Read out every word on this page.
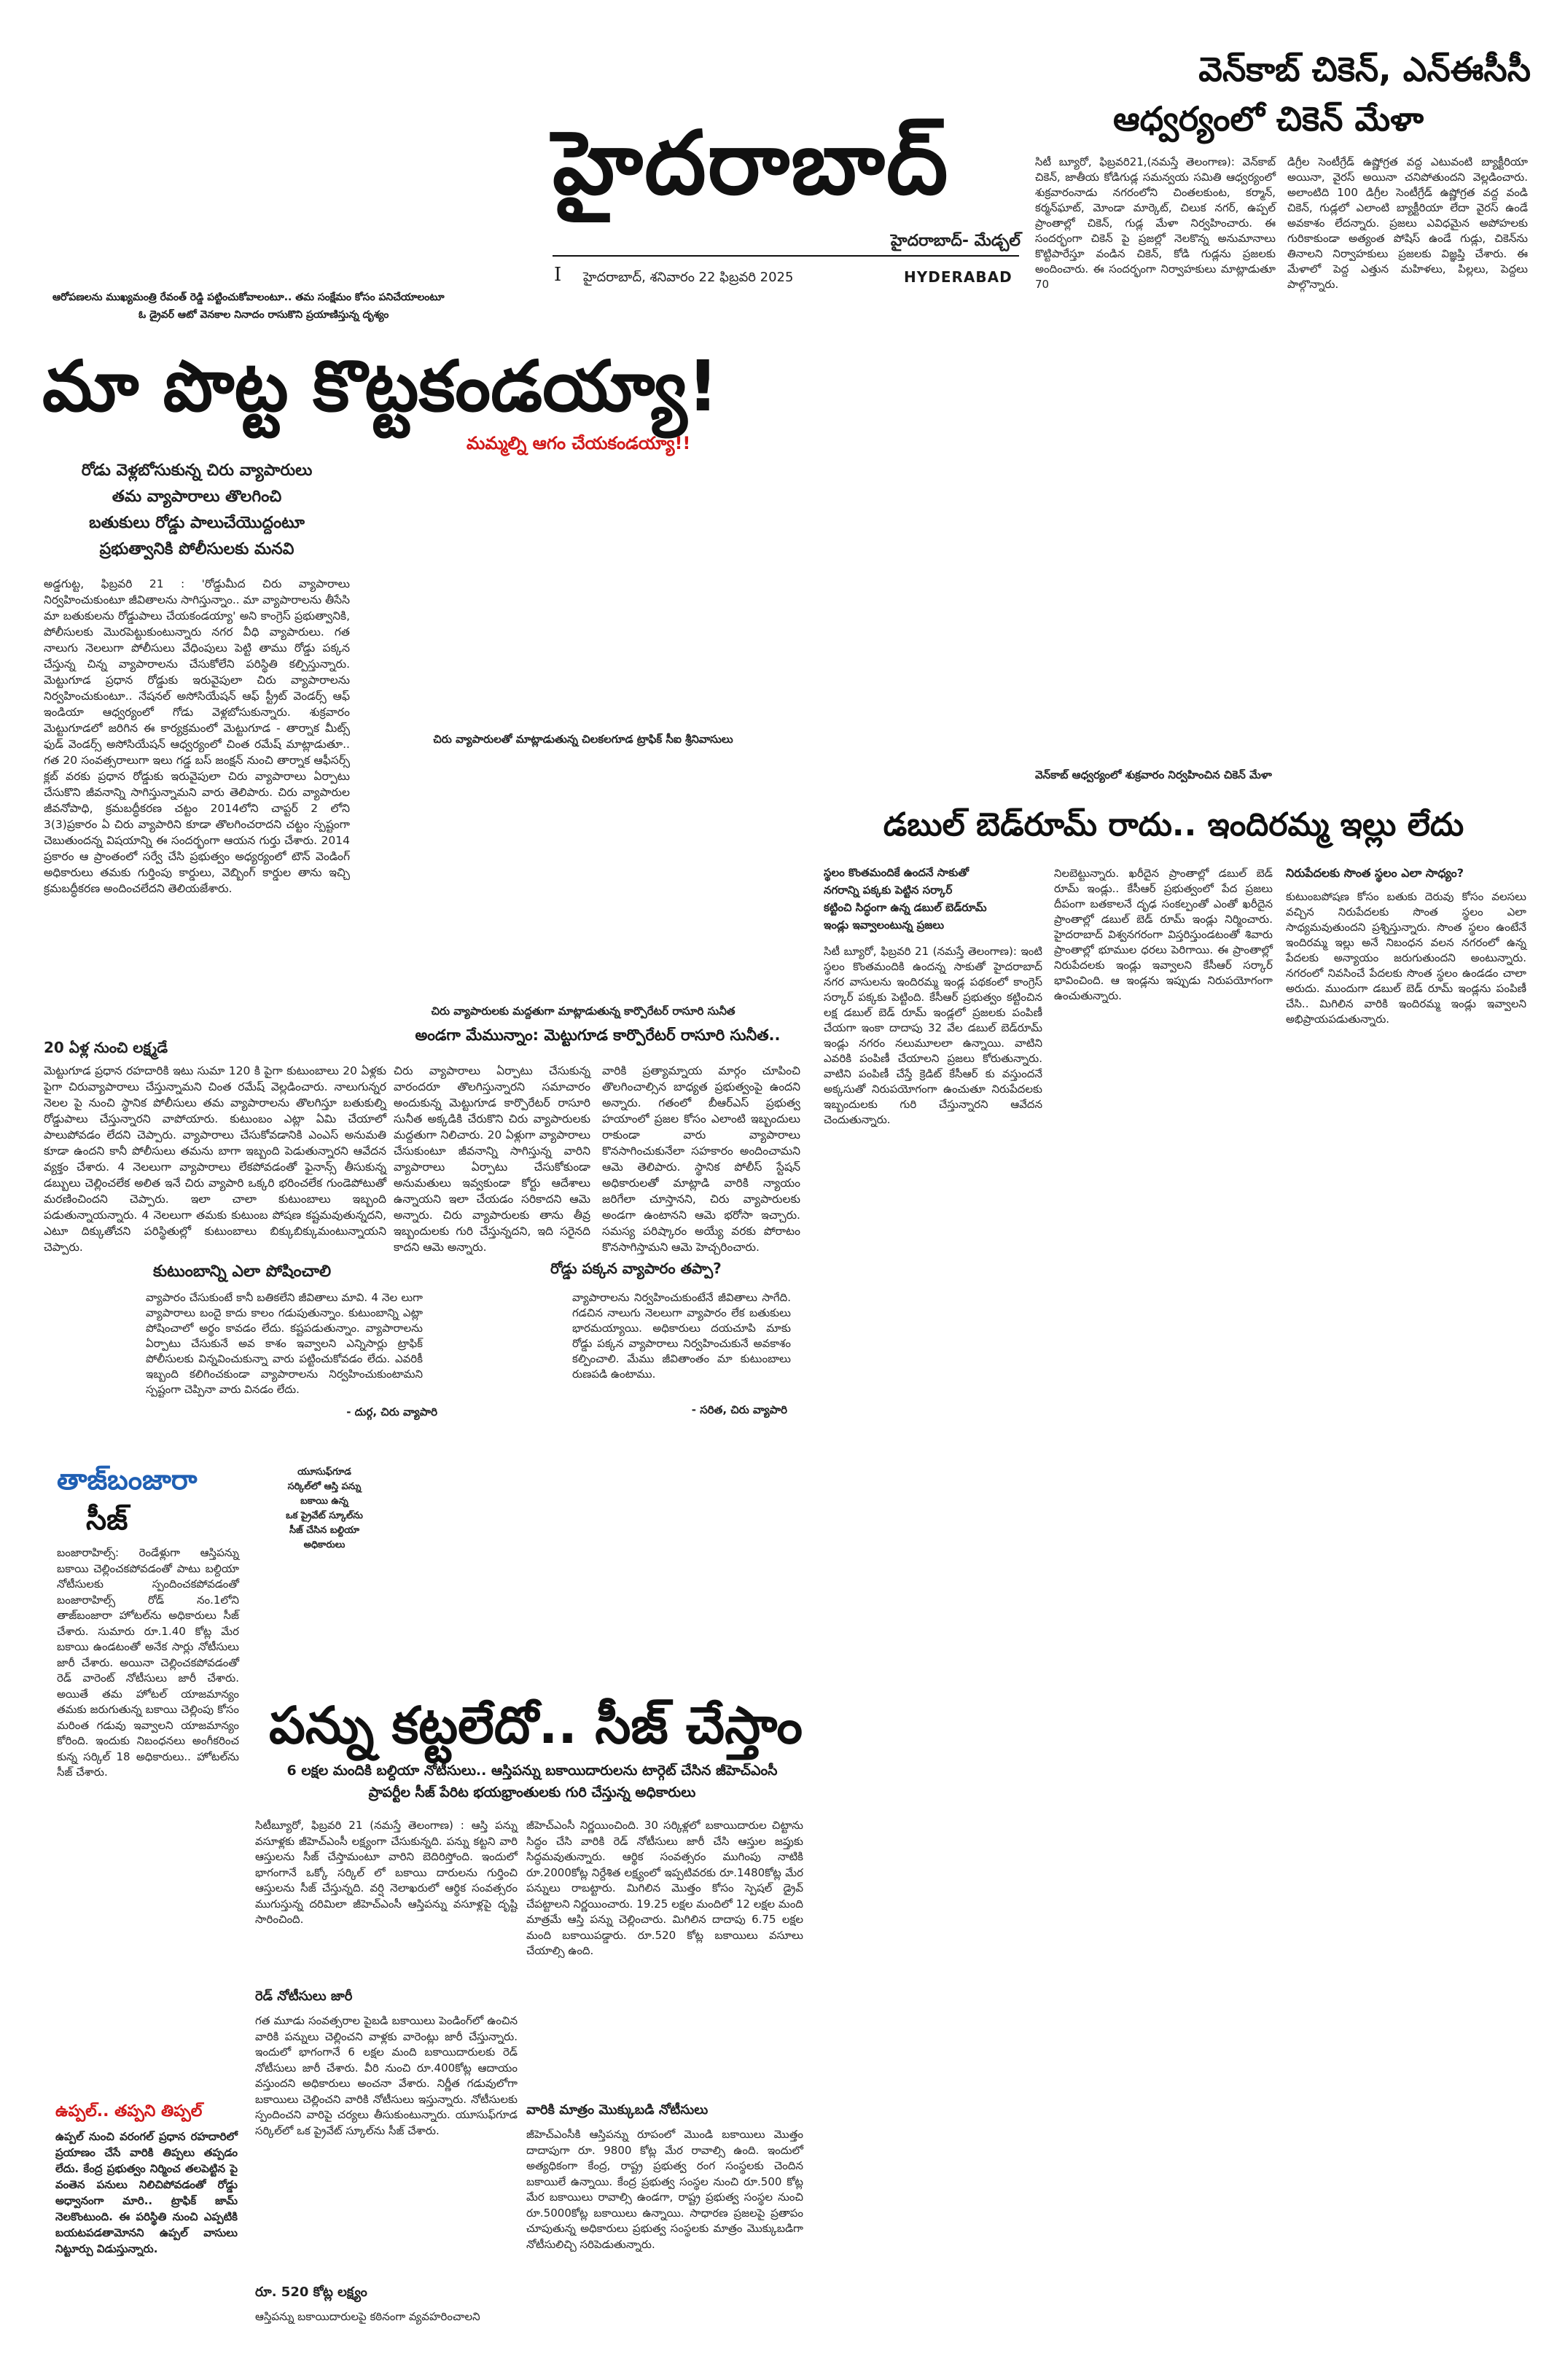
హైదరాబాద్
హైదరాబాద్- మేడ్చల్
I హైదరాబాద్, శనివారం 22 ఫిబ్రవరి 2025	HYDERABAD
ఆరోపణలను ముఖ్యమంత్రి రేవంత్ రెడ్డి పట్టించుకోవాలంటూ.. తమ సంక్షేమం కోసం పనిచేయాలంటూ
ఓ డ్రైవర్ ఆటో వెనకాల నినాదం రాసుకొని ప్రయాణిస్తున్న దృశ్యం
వెన్‌కాబ్ చికెన్, ఎన్ఈసీసీ
ఆధ్వర్యంలో చికెన్ మేళా
సిటీ బ్యూరో, ఫిబ్రవరి21,(నమస్తే తెలంగాణ): వెన్‌కాబ్ చికెన్, జాతీయ కోడిగుడ్ల సమన్వయ సమితి ఆధ్వర్యంలో శుక్రవారంనాడు నగరంలోని చింతలకుంట, కర్మాన్, కర్మన్‌ఘాట్, మోండా మార్కెట్, చిలుక నగర్, ఉప్పల్ ప్రాంతాల్లో చికెన్, గుడ్ల మేళా నిర్వహించారు. ఈ సందర్భంగా చికెన్ పై ప్రజల్లో నెలకొన్న అనుమానాలు కొట్టిపారేస్తూ వండిన చికెన్, కోడి గుడ్లను ప్రజలకు అందించారు. ఈ సందర్భంగా నిర్వాహకులు మాట్లాడుతూ 70
డిగ్రీల సెంటీగ్రేడ్ ఉష్ణోగ్రత వద్ద ఎటువంటి బ్యాక్టీరియా అయినా, వైరస్ అయినా చనిపోతుందని వెల్లడించారు. అలాంటిది 100 డిగ్రీల సెంటీగ్రేడ్ ఉష్ణోగ్రత వద్ద వండి చికెన్, గుడ్లలో ఎలాంటి బ్యాక్టీరియా లేదా వైరస్ ఉండే అవకాశం లేదన్నారు. ప్రజలు ఎవిధమైన అపోహలకు గురికాకుండా అత్యంత పోషిస్ ఉండే గుడ్లు, చికెన్‌ను తినాలని నిర్వాహకులు ప్రజలకు విజ్ఞప్తి చేశారు. ఈ మేళాలో పెద్ద ఎత్తున మహిళలు, పిల్లలు, పెద్దలు పాల్గొన్నారు.
మా పొట్ట కొట్టకండయ్యా!
మమ్మల్ని ఆగం చేయకండయ్యా!!
రోడు వెళ్లబోసుకున్న చిరు వ్యాపారులు
తమ వ్యాపారాలు తొలగించి
బతుకులు రోడ్డు పాలుచేయొద్దంటూ
ప్రభుత్వానికి పోలీసులకు మనవి
అడ్డగుట్ట, ఫిబ్రవరి 21 : 'రోడ్డుమీద చిరు వ్యాపారాలు నిర్వహించుకుంటూ జీవితాలను సాగిస్తున్నాం.. మా వ్యాపారాలను తీసేసి మా బతుకులను రోడ్డుపాలు చేయకండయ్యా' అని కాంగ్రెస్ ప్రభుత్వానికి, పోలీసులకు మొరపెట్టుకుంటున్నారు నగర వీధి వ్యాపారులు. గత నాలుగు నెలలుగా పోలీసులు వేధింపులు పెట్టి తాము రోడ్డు పక్కన చేస్తున్న చిన్న వ్యాపారాలను చేసుకోలేని పరిస్థితి కల్పిస్తున్నారు. మెట్టుగూడ ప్రధాన రోడ్డుకు ఇరువైపులా చిరు వ్యాపారాలను నిర్వహించుకుంటూ.. నేషనల్ అసోసియేషన్ ఆఫ్ స్ట్రీట్ వెండర్స్ ఆఫ్ ఇండియా ఆధ్వర్యంలో గోడు వెళ్లబోసుకున్నారు. శుక్రవారం మెట్టుగూడలో జరిగిన ఈ కార్యక్రమంలో మెట్టుగూడ - తార్నాక మీట్స్ ఫుడ్ వెండర్స్ అసోసియేషన్ ఆధ్వర్యంలో చింత రమేష్ మాట్లాడుతూ.. గత 20 సంవత్సరాలుగా ఇలు గడ్డ బస్ జంక్షన్ నుంచి తార్నాక ఆఫీసర్స్ క్లబ్ వరకు ప్రధాన రోడ్డుకు ఇరువైపులా చిరు వ్యాపారాలు ఏర్పాటు చేసుకొని జీవనాన్ని సాగిస్తున్నామని వారు తెలిపారు. చిరు వ్యాపారుల జీవనోపాధి, క్రమబద్ధీకరణ చట్టం 2014లోని చాప్టర్ 2 లోని 3(3)ప్రకారం ఏ చిరు వ్యాపారిని కూడా తొలగించరాదని చట్టం స్పష్టంగా చెబుతుందన్న విషయాన్ని ఈ సందర్భంగా ఆయన గుర్తు చేశారు. 2014 ప్రకారం ఆ ప్రాంతంలో సర్వే చేసి ప్రభుత్వం అధ్యర్యంలో టౌన్ వెండింగ్ అధికారులు తమకు గుర్తింపు కార్డులు, వెబ్బింగ్ కార్డుల తాను ఇచ్చి క్రమబద్ధీకరణ అందించలేదని తెలియజేశారు.
20 ఏళ్ల నుంచి లక్ష్మడే
చిరు వ్యాపారులతో మాట్లాడుతున్న చిలకలగూడ ట్రాఫిక్ సీఐ శ్రీనివాసులు
చిరు వ్యాపారులకు మద్దతుగా మాట్లాడుతున్న కార్పొరేటర్ రాసూరి సునీత
మెట్టుగూడ ప్రధాన రహదారికి ఇటు సుమా 120 కి పైగా కుటుంబాలు 20 ఏళ్లకు పైగా చిరువ్యాపారాలు చేస్తున్నామని చింత రమేష్ వెల్లడించారు. నాలుగున్నర నెలల పై నుంచి స్థానిక పోలీసులు తమ వ్యాపారాలను తొలగిస్తూ బతుకుల్ని రోడ్డుపాలు చేస్తున్నారని వాపోయారు. కుటుంబం ఎట్లా ఏమి చేయాలో పాలుపోవడం లేదని చెప్పారు. వ్యాపారాలు చేసుకోవడానికి ఎంఎస్ అనుమతి కూడా ఉందని కానీ పోలీసులు తమను బాగా ఇబ్బంది పెడుతున్నారని ఆవేదన వ్యక్తం చేశారు. 4 నెలలుగా వ్యాపారాలు లేకపోవడంతో ఫైనాన్స్ తీసుకున్న డబ్బులు చెల్లించలేక అలిత ఇనే చిరు వ్యాపారి ఒక్కరి భరించలేక గుండెపోటుతో మరణించిందని చెప్పారు. ఇలా చాలా కుటుంబాలు ఇబ్బంది పడుతున్నాయన్నారు. 4 నెలలుగా తమకు కుటుంబ పోషణ కష్టమవుతున్నదని, ఎటూ దిక్కుతోచని పరిస్థితుల్లో కుటుంబాలు బిక్కుబిక్కుమంటున్నాయని చెప్పారు.
అండగా మేమున్నాం: మెట్టుగూడ కార్పొరేటర్ రాసూరి సునీత..
చిరు వ్యాపారాలు ఏర్పాటు చేసుకున్న వారందరూ తొలగిస్తున్నారని సమాచారం అందుకున్న మెట్టుగూడ కార్పొరేటర్ రాసూరి సునీత అక్కడికి చేరుకొని చిరు వ్యాపారులకు మద్దతుగా నిలిచారు. 20 ఏళ్లుగా వ్యాపారాలు చేసుకుంటూ జీవనాన్ని సాగిస్తున్న వారిని వ్యాపారాలు ఏర్పాటు చేసుకోకుండా అనుమతులు ఇవ్వకుండా కోర్టు ఆదేశాలు ఉన్నాయని ఇలా చేయడం సరికాదని ఆమె అన్నారు. చిరు వ్యాపారులకు తాను తీవ్ర ఇబ్బందులకు గురి చేస్తున్నదని, ఇది సరైనది కాదని ఆమె అన్నారు.
వారికి ప్రత్యామ్నాయ మార్గం చూపించి తొలగించాల్సిన బాధ్యత ప్రభుత్వంపై ఉందని అన్నారు. గతంలో బీఆర్ఎస్ ప్రభుత్వ హయాంలో ప్రజల కోసం ఎలాంటి ఇబ్బందులు రాకుండా వారు వ్యాపారాలు కొనసాగించుకునేలా సహకారం అందించామని ఆమె తెలిపారు. స్థానిక పోలీస్ స్టేషన్ అధికారులతో మాట్లాడి వారికి న్యాయం జరిగేలా చూస్తానని, చిరు వ్యాపారులకు అండగా ఉంటానని ఆమె భరోసా ఇచ్చారు. సమస్య పరిష్కారం అయ్యే వరకు పోరాటం కొనసాగిస్తామని ఆమె హెచ్చరించారు.
కుటుంబాన్ని ఎలా పోషించాలి
వ్యాపారం చేసుకుంటే కానీ బతికలేని జీవితాలు మావి. 4 నెల లుగా వ్యాపారాలు బందై కాదు కాలం గడుపుతున్నాం. కుటుంబాన్ని ఎట్లా పోషించాలో అర్థం కావడం లేదు. కష్టపడుతున్నాం. వ్యాపారాలను ఏర్పాటు చేసుకునే అవ కాశం ఇవ్వాలని ఎన్నిసార్లు ట్రాఫిక్ పోలీసులకు విన్నవించుకున్నా వారు పట్టించుకోవడం లేదు. ఎవరికీ ఇబ్బంది కలిగించకుండా వ్యాపారాలను నిర్వహించుకుంటామని స్పష్టంగా చెప్పినా వారు వినడం లేదు.
- దుర్గ, చిరు వ్యాపారి
రోడ్డు పక్కన వ్యాపారం తప్పా?
వ్యాపారాలను నిర్వహించుకుంటేనే జీవితాలు సాగేది. గడచిన నాలుగు నెలలుగా వ్యాపారం లేక బతుకులు భారమయ్యాయి. అధికారులు దయచూపి మాకు రోడ్డు పక్కన వ్యాపారాలు నిర్వహించుకునే అవకాశం కల్పించాలి. మేము జీవితాంతం మా కుటుంబాలు రుణపడి ఉంటాము.
- సరిత, చిరు వ్యాపారి
వెన్‌కాబ్ ఆధ్వర్యంలో శుక్రవారం నిర్వహించిన చికెన్ మేళా
డబుల్ బెడ్‌రూమ్ రాదు.. ఇందిరమ్మ ఇల్లు లేదు
స్థలం కొంతమందికే ఉందనే సాకుతో
నగరాన్ని పక్కకు పెట్టిన సర్కార్
కట్టించి సిద్ధంగా ఉన్న డబుల్ బెడ్‌రూమ్
ఇండ్లు ఇవ్వాలంటున్న ప్రజలు
సిటీ బ్యూరో, ఫిబ్రవరి 21 (నమస్తే తెలంగాణ): ఇంటి స్థలం కొంతమందికి ఉందన్న సాకుతో హైదరాబాద్ నగర వాసులను ఇందిరమ్మ ఇండ్ల పథకంలో కాంగ్రెస్ సర్కార్ పక్కకు పెట్టింది. కేసీఆర్ ప్రభుత్వం కట్టించిన లక్ష డబుల్ బెడ్ రూమ్ ఇండ్లలో ప్రజలకు పంపిణీ చేయగా ఇంకా దాదాపు 32 వేల డబుల్ బెడ్‌రూమ్ ఇండ్లు నగరం నలుమూలలా ఉన్నాయి. వాటిని ఎవరికి పంపిణీ చేయాలని ప్రజలు కోరుతున్నారు. వాటిని పంపిణీ చేస్తే క్రెడిట్ కేసీఆర్ కు వస్తుందనే అక్కసుతో నిరుపయోగంగా ఉంచుతూ నిరుపేదలకు ఇబ్బందులకు గురి చేస్తున్నారని ఆవేదన చెందుతున్నారు.
నిలబెట్టున్నారు. ఖరీదైన ప్రాంతాల్లో డబుల్ బెడ్ రూమ్ ఇండ్లు.. కేసీఆర్ ప్రభుత్వంలో పేద ప్రజలు దీపంగా బతకాలనే దృఢ సంకల్పంతో ఎంతో ఖరీదైన ప్రాంతాల్లో డబుల్ బెడ్ రూమ్ ఇండ్లు నిర్మించారు. హైదరాబాద్ విశ్వనగరంగా విస్తరిస్తుండటంతో శివారు ప్రాంతాల్లో భూముల ధరలు పెరిగాయి. ఈ ప్రాంతాల్లో నిరుపేదలకు ఇండ్లు ఇవ్వాలని కేసీఆర్ సర్కార్ భావించింది. ఆ ఇండ్లను ఇప్పుడు నిరుపయోగంగా ఉంచుతున్నారు.
నిరుపేదలకు సొంత స్థలం ఎలా సాధ్యం?
కుటుంబపోషణ కోసం బతుకు దెరువు కోసం వలసలు వచ్చిన నిరుపేదలకు సొంత స్థలం ఎలా సాధ్యమవుతుందని ప్రశ్నిస్తున్నారు. సొంత స్థలం ఉంటేనే ఇందిరమ్మ ఇల్లు అనే నిబంధన వలన నగరంలో ఉన్న పేదలకు అన్యాయం జరుగుతుందని అంటున్నారు. నగరంలో నివసించే పేదలకు సొంత స్థలం ఉండడం చాలా అరుదు. ముందుగా డబుల్ బెడ్ రూమ్ ఇండ్లను పంపిణీ చేసి.. మిగిలిన వారికి ఇందిరమ్మ ఇండ్లు ఇవ్వాలని అభిప్రాయపడుతున్నారు.
తాజ్‌బంజారా
సీజ్
బంజారాహిల్స్: రెండేళ్లుగా ఆస్తిపన్ను బకాయి చెల్లించకపోవడంతో పాటు బల్దియా నోటీసులకు స్పందించకపోవడంతో బంజారాహిల్స్ రోడ్ నం.1లోని తాజ్‌బంజారా హోటల్‌ను అధికారులు సీజ్ చేశారు. సుమారు రూ.1.40 కోట్ల మేర బకాయి ఉండటంతో అనేక సార్లు నోటీసులు జారీ చేశారు. అయినా చెల్లించకపోవడంతో రెడ్ వారెంట్ నోటీసులు జారీ చేశారు. అయితే తమ హోటల్ యాజమాన్యం తమకు జరుగుతున్న బకాయి చెల్లింపు కోసం మరింత గడువు ఇవ్వాలని యాజమాన్యం కోరింది. ఇందుకు నిబంధనలు అంగీకరించ కున్న సర్కిల్ 18 అధికారులు.. హోటల్‌ను సీజ్ చేశారు.
యూసుఫ్‌గూడ
సర్కిల్‌లో ఆస్తి పన్ను
బకాయి ఉన్న
ఒక ప్రైవేట్ స్కూల్‌ను
సీజ్ చేసిన బల్దియా
అధికారులు
పన్ను కట్టలేదో.. సీజ్ చేస్తాం
6 లక్షల మందికి బల్దియా నోటీసులు.. ఆస్తిపన్ను బకాయిదారులను టార్గెట్ చేసిన జీహెచ్ఎంసీ
ప్రాపర్టీల సీజ్‌ పేరిట భయభ్రాంతులకు గురి చేస్తున్న అధికారులు
సిటీబ్యూరో, ఫిబ్రవరి 21 (నమస్తే తెలంగాణ) : ఆస్తి పన్ను వసూళ్లకు జీహెచ్ఎంసీ లక్ష్యంగా చేసుకున్నది. పన్ను కట్టని వారి ఆస్తులను సీజ్ చేస్తామంటూ వారిని బెదిరిస్తోంది. ఇందులో భాగంగానే ఒక్కో సర్కిల్ లో బకాయి దారులను గుర్తించి ఆస్తులను సీజ్ చేస్తున్నది. వర్షి నెలాఖరులో ఆర్థిక సంవత్సరం ముగుస్తున్న దరిమిలా జీహెచ్ఎంసీ ఆస్తిపన్ను వసూళ్లపై దృష్టి సారించింది.
రెడ్ నోటీసులు జారీ
గత మూడు సంవత్సరాల పైబడి బకాయిలు పెండింగ్‌లో ఉంచిన వారికి పన్నులు చెల్లించని వాళ్లకు వారెంట్లు జారీ చేస్తున్నారు. ఇందులో భాగంగానే 6 లక్షల మంది బకాయిదారులకు రెడ్ నోటీసులు జారీ చేశారు. వీరి నుంచి రూ.400కోట్ల ఆదాయం వస్తుందని అధికారులు అంచనా వేశారు. నిర్ణీత గడువులోగా బకాయిలు చెల్లించని వారికి నోటీసులు ఇస్తున్నారు. నోటీసులకు స్పందించని వారిపై చర్యలు తీసుకుంటున్నారు. యూసుఫ్‌గూడ సర్కిల్‌లో ఒక ప్రైవేట్ స్కూల్‌ను సీజ్ చేశారు.
రూ. 520 కోట్ల లక్ష్యం
ఆస్తిపన్ను బకాయిదారులపై కఠినంగా వ్యవహరించాలని
జీహెచ్ఎంసీ నిర్ణయించింది. 30 సర్కిళ్లలో బకాయిదారుల చిట్టాను సిద్ధం చేసి వారికి రెడ్ నోటీసులు జారీ చేసి ఆస్తుల జప్తుకు సిద్ధమవుతున్నారు. ఆర్థిక సంవత్సరం ముగింపు నాటికి రూ.2000కోట్ల నిర్దేశిత లక్ష్యంలో ఇప్పటివరకు రూ.1480కోట్ల మేర పన్నులు రాబట్టారు. మిగిలిన మొత్తం కోసం స్పెషల్ డ్రైవ్ చేపట్టాలని నిర్ణయించారు. 19.25 లక్షల మందిలో 12 లక్షల మంది మాత్రమే ఆస్తి పన్ను చెల్లించారు. మిగిలిన దాదాపు 6.75 లక్షల మంది బకాయిపడ్డారు. రూ.520 కోట్ల బకాయిలు వసూలు చేయాల్సి ఉంది.
వారికి మాత్రం మొక్కుబడి నోటీసులు
జీహెచ్ఎంసీకి ఆస్తిపన్ను రూపంలో మొండి బకాయిలు మొత్తం దాదాపుగా రూ. 9800 కోట్ల మేర రావాల్సి ఉంది. ఇందులో అత్యధికంగా కేంద్ర, రాష్ట్ర ప్రభుత్వ రంగ సంస్థలకు చెందిన బకాయిలే ఉన్నాయి. కేంద్ర ప్రభుత్వ సంస్థల నుంచి రూ.500 కోట్ల మేర బకాయిలు రావాల్సి ఉండగా, రాష్ట్ర ప్రభుత్వ సంస్థల నుంచి రూ.5000కోట్ల బకాయిలు ఉన్నాయి. సాధారణ ప్రజలపై ప్రతాపం చూపుతున్న అధికారులు ప్రభుత్వ సంస్థలకు మాత్రం మొక్కుబడిగా నోటీసులిచ్చి సరిపెడుతున్నారు.
ఉప్పల్.. తప్పని తిప్పల్
ఉప్పల్ నుంచి వరంగల్ ప్రధాన రహదారిలో ప్రయాణం చేసే వారికి తిప్పలు తప్పడం లేదు. కేంద్ర ప్రభుత్వం నిర్మించ తలపెట్టిన పై వంతెన పనులు నిలిచిపోవడంతో రోడ్డు అధ్వానంగా మారి.. ట్రాఫిక్ జామ్ నెలకొంటుంది. ఈ పరిస్థితి నుంచి ఎప్పటికి బయటపడతామోనని ఉప్పల్ వాసులు నిట్టూర్పు విడుస్తున్నారు.
